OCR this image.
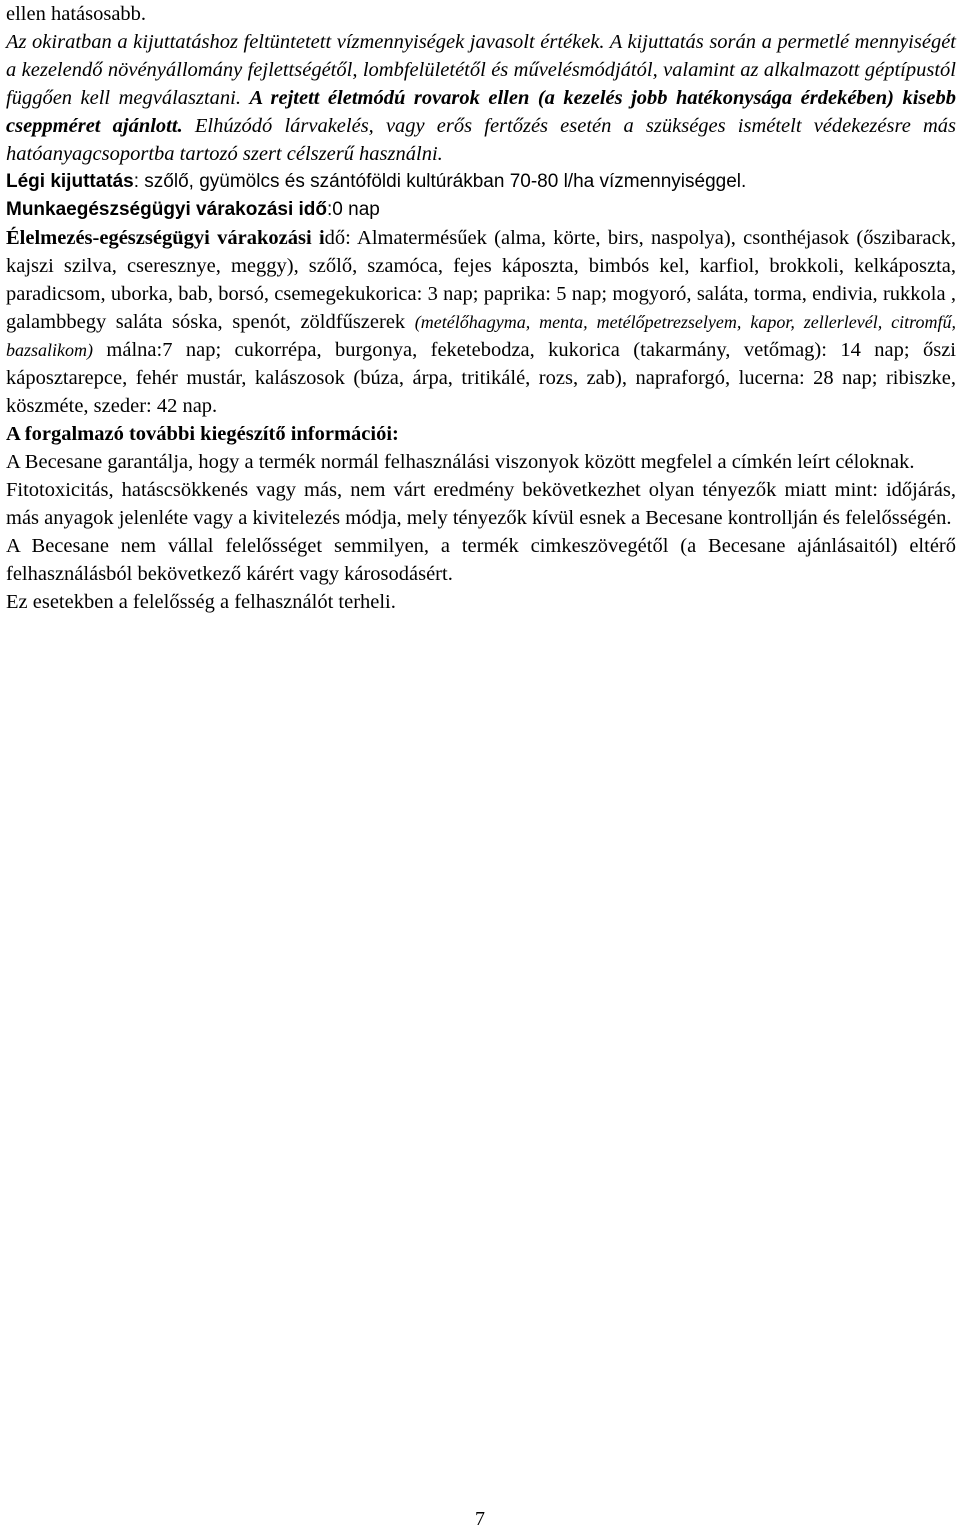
ellen hatásosabb.

Az okiratban a kijuttatáshoz feltüntetett vízmennyiségek javasolt értékek. A kijuttatás során a permetlé mennyiségét a kezelendő növényállomány fejlettségétől, lombfelületétől és művelésmódjától, valamint az alkalmazott géptípustól függően kell megválasztani. A rejtett életmódú rovarok ellen (a kezelés jobb hatékonysága érdekében) kisebb cseppméret ajánlott. Elhúzódó lárvakelés, vagy erős fertőzés esetén a szükséges ismételt védekezésre más hatóanyagcsoportba tartozó szert célszerű használni.

Légi kijuttatás: szőlő, gyümölcs és szántóföldi kultúrákban 70-80 l/ha vízmennyiséggel.

Munkaegészségügyi várakozási idő:0 nap

Élelmezés-egészségügyi várakozási idő: Almatermésűek (alma, körte, birs, naspolya), csonthéjasok (őszibarack, kajszi szilva, cseresznye, meggy), szőlő, szamóca, fejes káposzta, bimbós kel, karfiol, brokkoli, kelkáposzta, paradicsom, uborka, bab, borsó, csemegekukorica: 3 nap; paprika: 5 nap; mogyoró, saláta, torma, endivia, rukkola , galambbegy saláta sóska, spenót, zöldfűszerek (metélőhagyma, menta, metélőpetrezselyem, kapor, zellerlevél, citromfű, bazsalikom) málna:7 nap; cukorrépa, burgonya, feketebodza, kukorica (takarmány, vetőmag): 14 nap; őszi káposztarepce, fehér mustár, kalászosok (búza, árpa, tritikálé, rozs, zab), napraforgó, lucerna: 28 nap; ribiszke, köszméte, szeder: 42 nap.

A forgalmazó további kiegészítő információi:

A Becesane garantálja, hogy a termék normál felhasználási viszonyok között megfelel a címkén leírt céloknak.

Fitotoxicitás, hatáscsökkenés vagy más, nem várt eredmény bekövetkezhet olyan tényezők miatt mint: időjárás, más anyagok jelenléte vagy a kivitelezés módja, mely tényezők kívül esnek a Becesane kontrollján és felelősségén.

A Becesane nem vállal felelősséget semmilyen, a termék cimkeszövegétől (a Becesane ajánlásaitól) eltérő felhasználásból bekövetkező kárért vagy károsodásért.

Ez esetekben a felelősség a felhasználót terheli.

7
